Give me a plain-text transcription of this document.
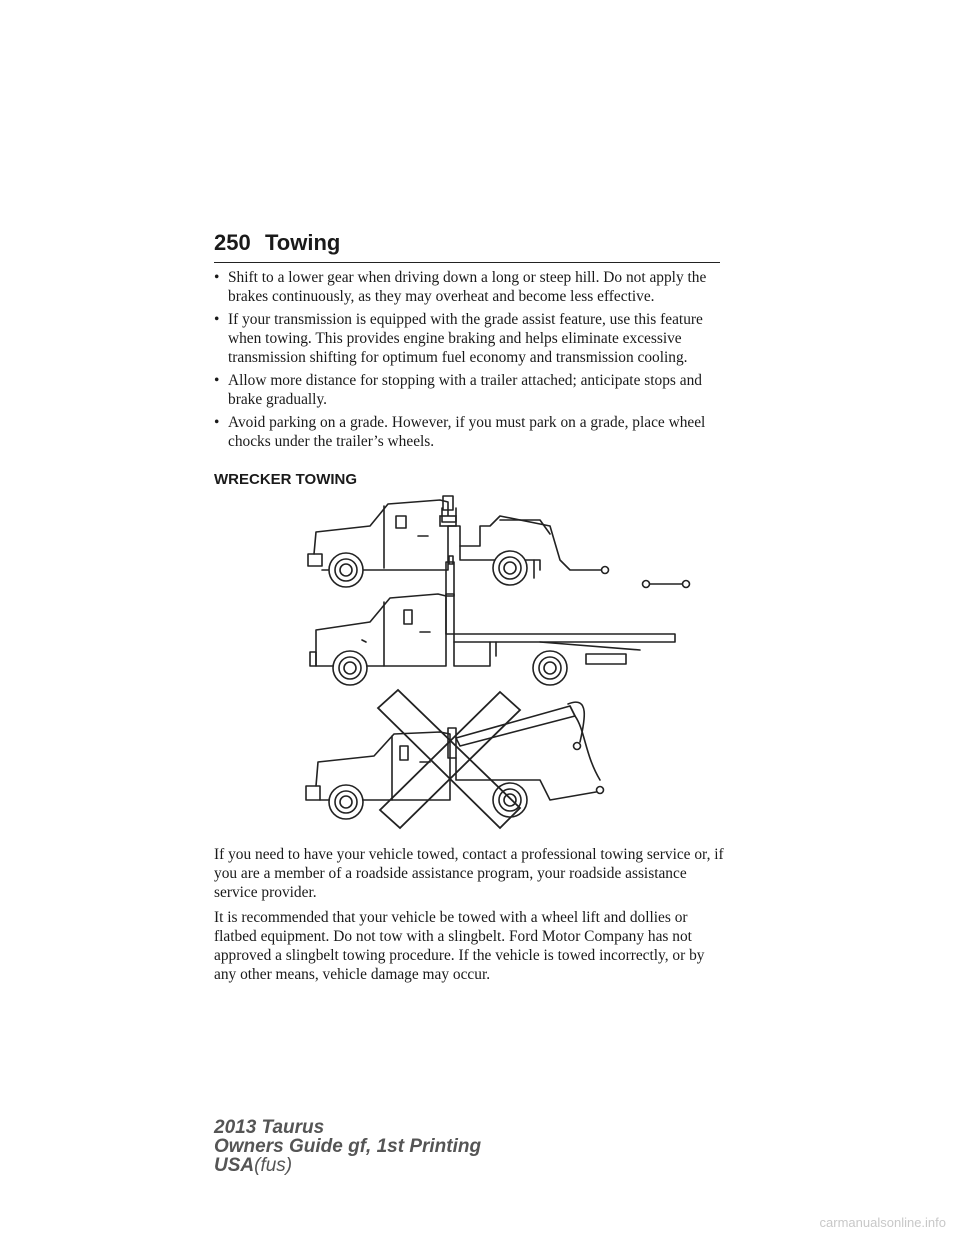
250 Towing
• Shift to a lower gear when driving down a long or steep hill. Do not apply the brakes continuously, as they may overheat and become less effective.
• If your transmission is equipped with the grade assist feature, use this feature when towing. This provides engine braking and helps eliminate excessive transmission shifting for optimum fuel economy and transmission cooling.
• Allow more distance for stopping with a trailer attached; anticipate stops and brake gradually.
• Avoid parking on a grade. However, if you must park on a grade, place wheel chocks under the trailer’s wheels.
WRECKER TOWING

If you need to have your vehicle towed, contact a professional towing service or, if you are a member of a roadside assistance program, your roadside assistance service provider.

It is recommended that your vehicle be towed with a wheel lift and dollies or flatbed equipment. Do not tow with a slingbelt. Ford Motor Company has not approved a slingbelt towing procedure. If the vehicle is towed incorrectly, or by any other means, vehicle damage may occur.

2013 Taurus
Owners Guide gf, 1st Printing
USA(fus)
carmanualsonline.info
